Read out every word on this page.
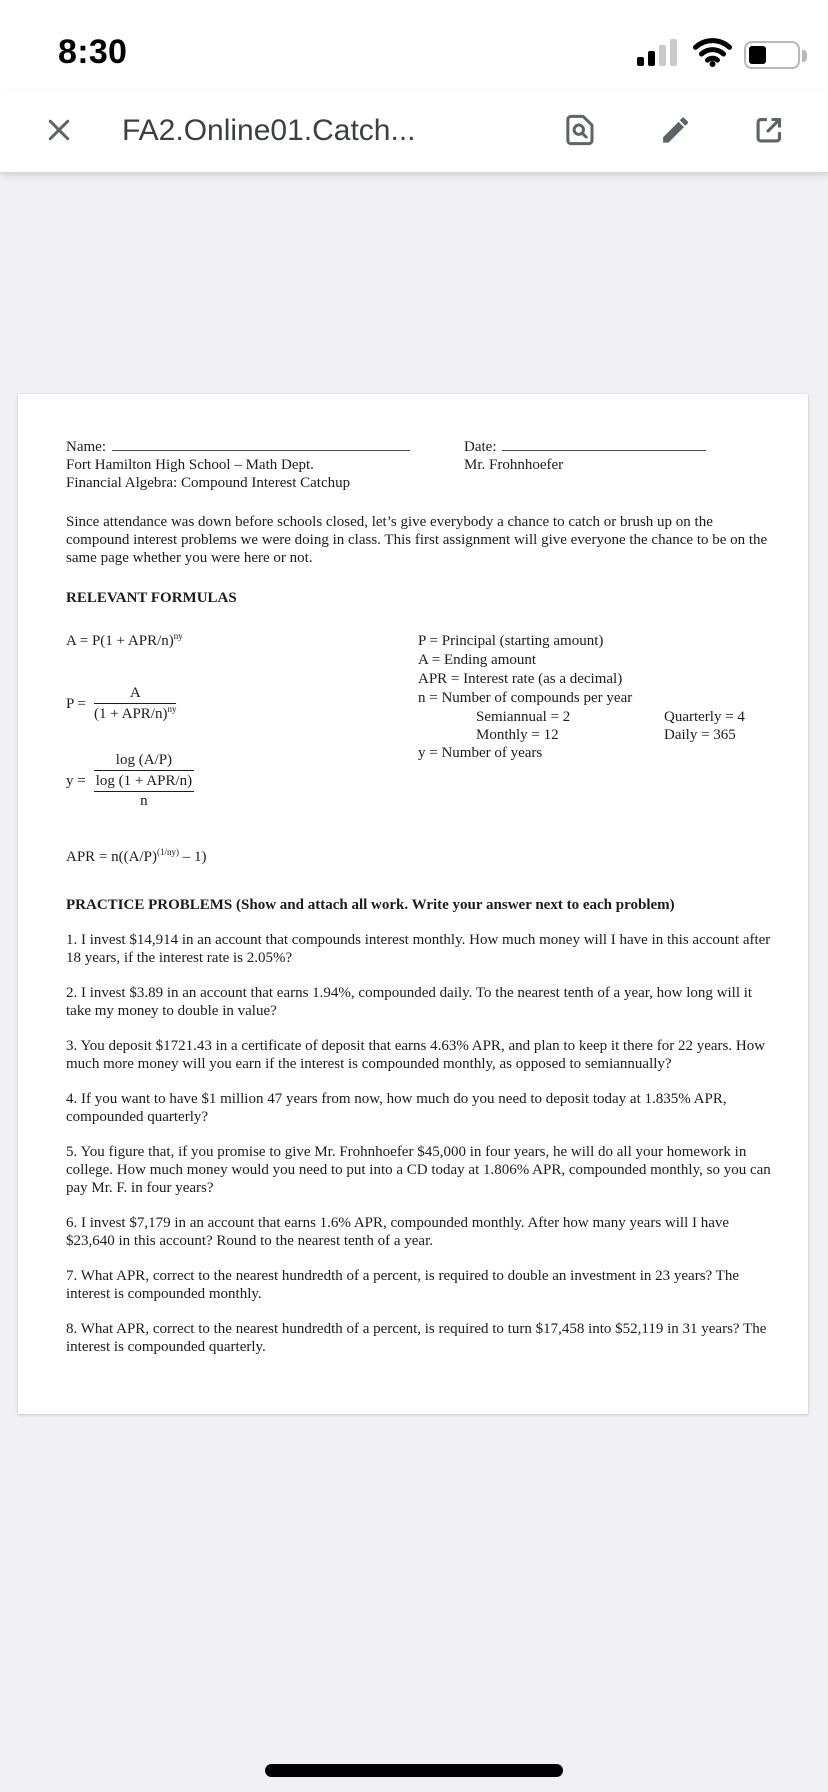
8:30
FA2.Online01.Catch...
Name:	Date:
Fort Hamilton High School – Math Dept.	Mr. Frohnhoefer
Financial Algebra: Compound Interest Catchup

Since attendance was down before schools closed, let’s give everybody a chance to catch or brush up on the compound interest problems we were doing in class. This first assignment will give everyone the chance to be on the same page whether you were here or not.

RELEVANT FORMULAS
A = P(1 + APR/$n)^{ny}$
$P = \frac{A}{(1 + APR/n)^{ny}}$
$y = \frac{\log (A/P)}{\frac{\text{log (1 + APR/n)}}{n}}$
P = Principal (starting amount)
A = Ending amount
APR = Interest rate (as a decimal)
n = Number of compounds per year
Semiannual = 2	Quarterly = 4
Monthly = 12	Daily = 365
y = Number of years
APR = $n((A/P)^{(1/ny)} - 1)$
PRACTICE PROBLEMS (Show and attach all work. Write your answer next to each problem)

1. I invest $14,914 in an account that compounds interest monthly. How much money will I have in this account after 18 years, if the interest rate is 2.05%?

2. I invest $3.89 in an account that earns 1.94%, compounded daily. To the nearest tenth of a year, how long will it take my money to double in value?

3. You deposit $1721.43 in a certificate of deposit that earns 4.63% APR, and plan to keep it there for 22 years. How much more money will you earn if the interest is compounded monthly, as opposed to semiannually?

4. If you want to have $1 million 47 years from now, how much do you need to deposit today at 1.835% APR, compounded quarterly?

5. You figure that, if you promise to give Mr. Frohnhoefer $45,000 in four years, he will do all your homework in college. How much money would you need to put into a CD today at 1.806% APR, compounded monthly, so you can pay Mr. F. in four years?

6. I invest $7,179 in an account that earns 1.6% APR, compounded monthly. After how many years will I have $23,640 in this account? Round to the nearest tenth of a year.

7. What APR, correct to the nearest hundredth of a percent, is required to double an investment in 23 years? The interest is compounded monthly.

8. What APR, correct to the nearest hundredth of a percent, is required to turn $17,458 into $52,119 in 31 years? The interest is compounded quarterly.
